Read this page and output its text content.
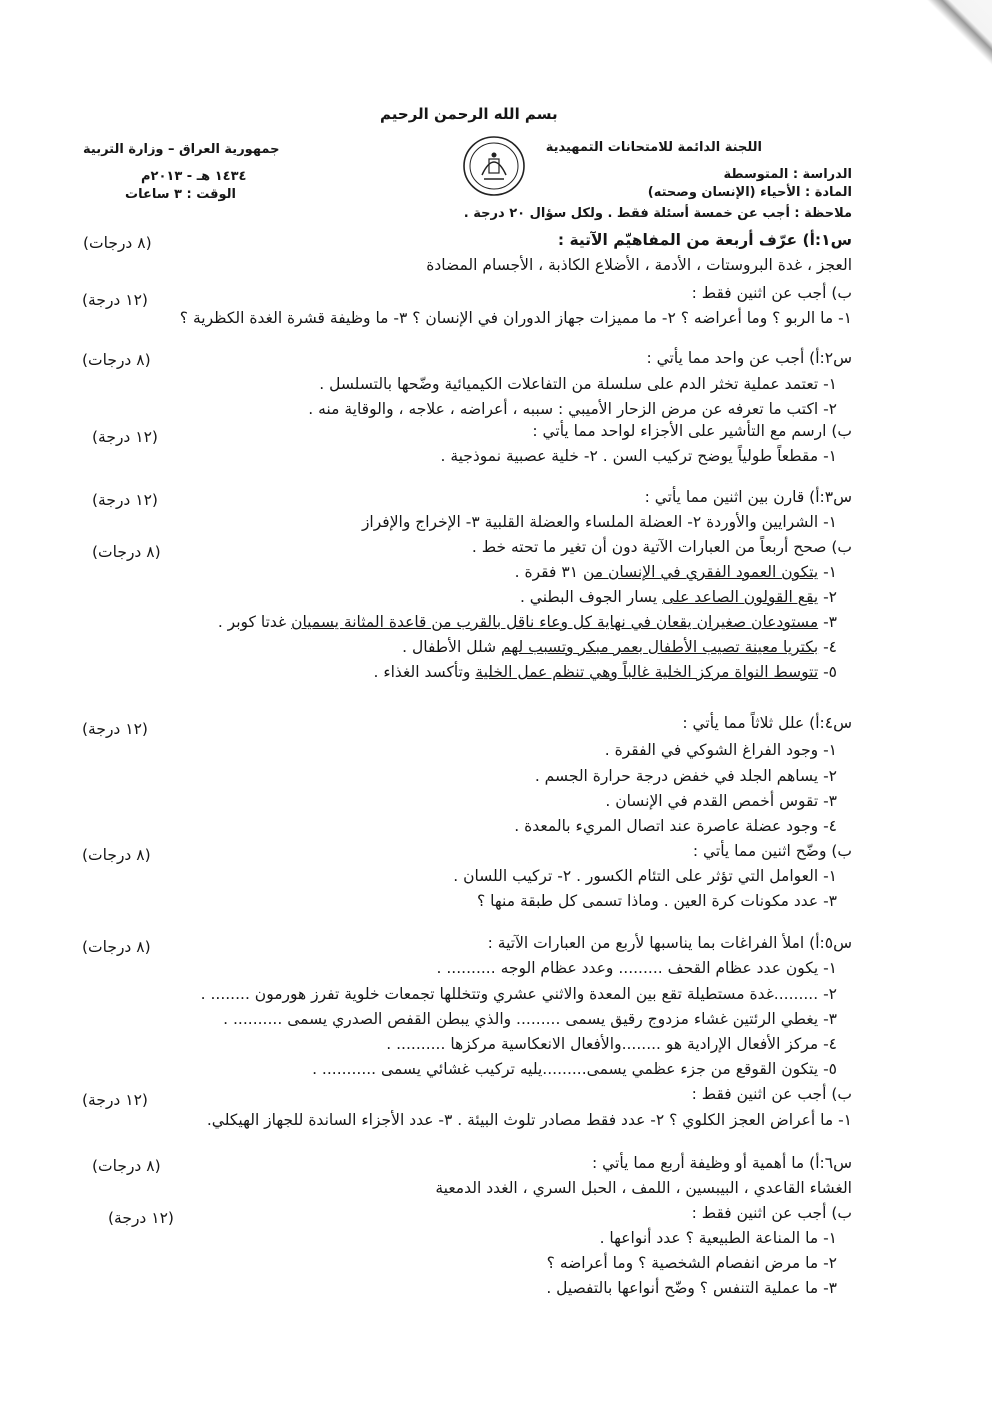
بسم الله الرحمن الرحيم
اللجنة الدائمة للامتحانات التمهيدية
الدراسة : المتوسطة
المادة : الأحياء (الإنسان وصحته)
ملاحظة : أجب عن خمسة أسئلة فقط . ولكل سؤال ٢٠ درجة .
جمهورية العراق – وزارة التربية
١٤٣٤ هـ - ٢٠١٣م
الوقت : ٣ ساعات
س١:أ) عرّف أربعة من المفاهيّم الآتية :
(٨ درجات)
العجز ، غدة البروستات ، الأدمة ، الأضلاع الكاذبة ، الأجسام المضادة
ب) أجب عن اثنين فقط :
(١٢ درجة)
١- ما الربو ؟ وما أعراضه ؟ ٢- ما مميزات جهاز الدوران في الإنسان ؟ ٣- ما وظيفة قشرة الغدة الكظرية ؟
س٢:أ) أجب عن واحد مما يأتي :
(٨ درجات)
١- تعتمد عملية تخثر الدم على سلسلة من التفاعلات الكيميائية وضّحها بالتسلسل .
٢- اكتب ما تعرفه عن مرض الزحار الأميبي : سببه ، أعراضه ، علاجه ، والوقاية منه .
ب) ارسم مع التأشير على الأجزاء لواحد مما يأتي :
(١٢ درجة)
١- مقطعاً طولياً يوضح تركيب السن . ٢- خلية عصبية نموذجية .
س٣:أ) قارن بين اثنين مما يأتي :
(١٢ درجة)
١- الشرايين والأوردة ٢- العضلة الملساء والعضلة القلبية ٣- الإخراج والإفراز
ب) صحح أربعاً من العبارات الآتية دون أن تغير ما تحته خط .
(٨ درجات)
١- يتكون العمود الفقري في الإنسان من ٣١ فقرة .
٢- يقع القولون الصاعد على يسار الجوف البطني .
٣- مستودعان صغيران يقعان في نهاية كل وعاء ناقل بالقرب من قاعدة المثانة يسميان غدتا كوبر .
٤- بكتريا معينة تصيب الأطفال بعمر مبكر وتسبب لهم شلل الأطفال .
٥- تتوسط النواة مركز الخلية غالباً وهي تنظم عمل الخلية وتأكسد الغذاء .
س٤:أ) علل ثلاثاً مما يأتي :
(١٢ درجة)
١- وجود الفراغ الشوكي في الفقرة .
٢- يساهم الجلد في خفض درجة حرارة الجسم .
٣- تقوس أخمص القدم في الإنسان .
٤- وجود عضلة عاصرة عند اتصال المريء بالمعدة .
ب) وضّح اثنين مما يأتي :
(٨ درجات)
١- العوامل التي تؤثر على التئام الكسور . ٢- تركيب اللسان .
٣- عدد مكونات كرة العين . وماذا تسمى كل طبقة منها ؟
س٥:أ) املأ الفراغات بما يناسبها لأربع من العبارات الآتية :
(٨ درجات)
١- يكون عدد عظام القحف ......... وعدد عظام الوجه .......... .
٢- .........غدة مستطيلة تقع بين المعدة والاثني عشري وتتخللها تجمعات خلوية تفرز هورمون ........ .
٣- يغطي الرئتين غشاء مزدوج رقيق يسمى ......... والذي يبطن القفص الصدري يسمى .......... .
٤- مركز الأفعال الإرادية هو ........والأفعال الانعكاسية مركزها .......... .
٥- يتكون القوقع من جزء عظمي يسمى.........يليه تركيب غشائي يسمى ........... .
ب) أجب عن اثنين فقط :
(١٢ درجة)
١- ما أعراض العجز الكلوي ؟ ٢- عدد فقط مصادر تلوث البيئة . ٣- عدد الأجزاء الساندة للجهاز الهيكلي.
س٦:أ) ما أهمية أو وظيفة أربع مما يأتي :
(٨ درجات)
الغشاء القاعدي ، البيبسين ، اللمف ، الحبل السري ، الغدد الدمعية
ب) أجب عن اثنين فقط :
(١٢ درجة)
١- ما المناعة الطبيعية ؟ عدد أنواعها .
٢- ما مرض انفصام الشخصية ؟ وما أعراضه ؟
٣- ما عملية التنفس ؟ وضّح أنواعها بالتفصيل .
